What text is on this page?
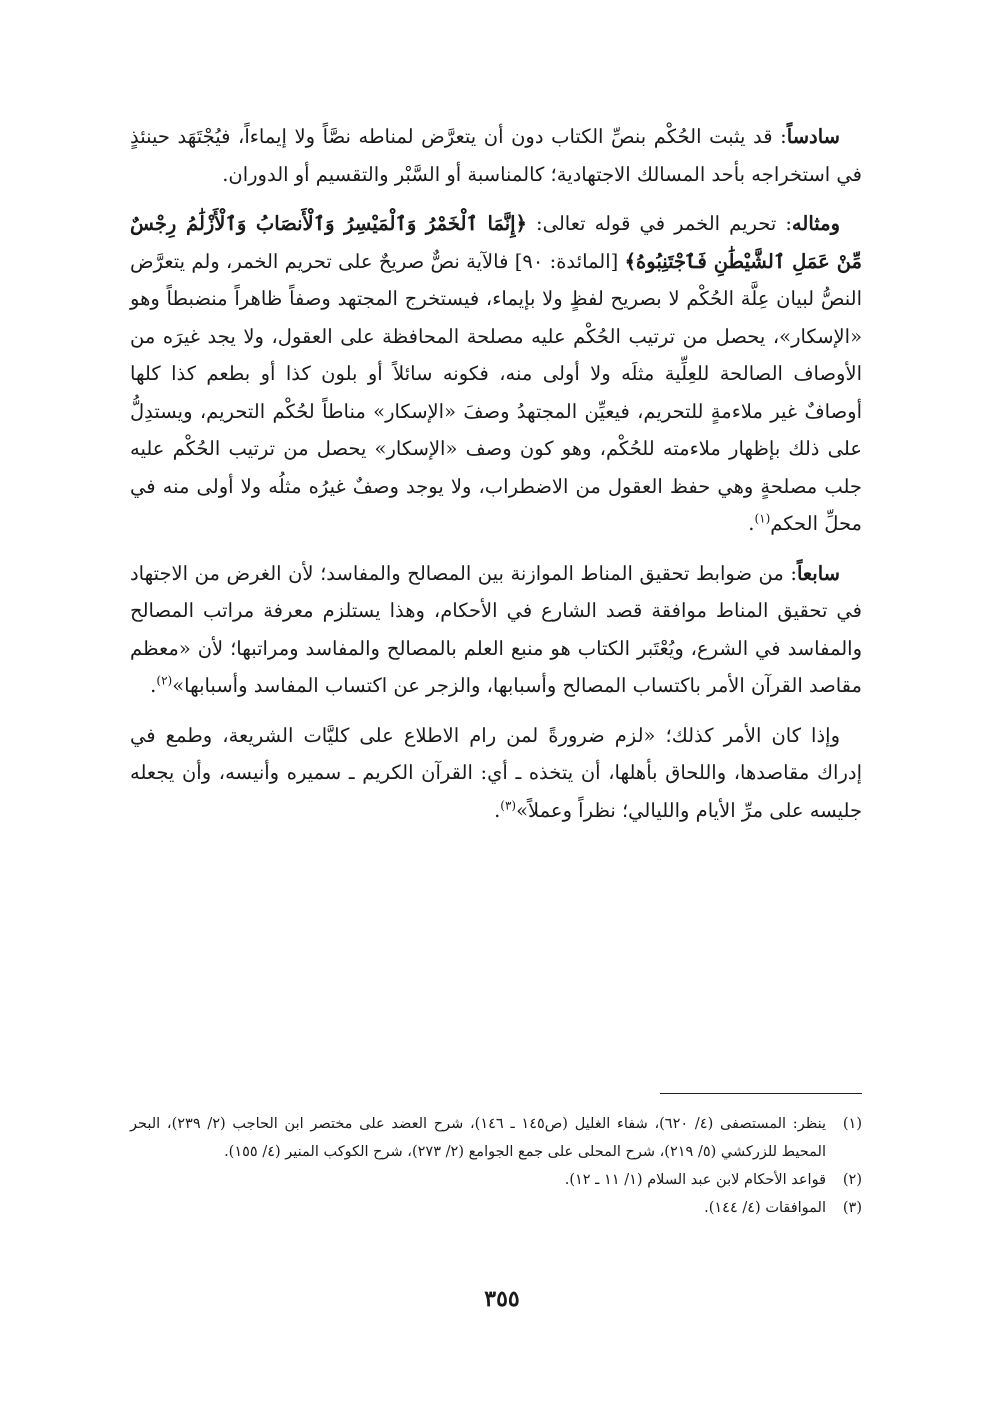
سادساً: قد يثبت الحُكْم بنصِّ الكتاب دون أن يتعرَّض لمناطه نصَّاً ولا إيماءاً، فيُجْتَهَد حينئذٍ في استخراجه بأحد المسالك الاجتهادية؛ كالمناسبة أو السَّبْر والتقسيم أو الدوران.

ومثاله: تحريم الخمر في قوله تعالى: ﴿إِنَّمَا ٱلْخَمْرُ وَٱلْمَيْسِرُ وَٱلْأَنصَابُ وَٱلْأَزْلَٰمُ رِجْسٌ مِّنْ عَمَلِ ٱلشَّيْطَٰنِ فَٱجْتَنِبُوهُ﴾ [المائدة: ٩٠] فالآية نصٌّ صريحٌ على تحريم الخمر، ولم يتعرَّض النصُّ لبيان عِلَّة الحُكْم لا بصريح لفظٍ ولا بإيماء، فيستخرج المجتهد وصفاً ظاهراً منضبطاً وهو «الإسكار»، يحصل من ترتيب الحُكْم عليه مصلحة المحافظة على العقول، ولا يجد غيرَه من الأوصاف الصالحة للعِلِّية مثلَه ولا أولى منه، فكونه سائلاً أو بلون كذا أو بطعم كذا كلها أوصافٌ غير ملاءمةٍ للتحريم، فيعيِّن المجتهدُ وصفَ «الإسكار» مناطاً لحُكْم التحريم، ويستدِلُّ على ذلك بإظهار ملاءمته للحُكْم، وهو كون وصف «الإسكار» يحصل من ترتيب الحُكْم عليه جلب مصلحةٍ وهي حفظ العقول من الاضطراب، ولا يوجد وصفٌ غيرُه مثلُه ولا أولى منه في محلِّ الحكم$^{(١)}$.

سابعاً: من ضوابط تحقيق المناط الموازنة بين المصالح والمفاسد؛ لأن الغرض من الاجتهاد في تحقيق المناط موافقة قصد الشارع في الأحكام، وهذا يستلزم معرفة مراتب المصالح والمفاسد في الشرع، ويُعْتَبر الكتاب هو منبع العلم بالمصالح والمفاسد ومراتبها؛ لأن «معظم مقاصد القرآن الأمر باكتساب المصالح وأسبابها، والزجر عن اكتساب المفاسد وأسبابها»$^{(٢)}$.

وإذا كان الأمر كذلك؛ «لزم ضرورةً لمن رام الاطلاع على كليَّات الشريعة، وطمع في إدراك مقاصدها، واللحاق بأهلها، أن يتخذه ـ أي: القرآن الكريم ـ سميره وأنيسه، وأن يجعله جليسه على مرِّ الأيام والليالي؛ نظراً وعملاً»$^{(٣)}$.

(١)
ينظر: المستصفى (٤/ ٦٢٠)، شفاء الغليل (ص١٤٥ ـ ١٤٦)، شرح العضد على مختصر ابن الحاجب (٢/ ٢٣٩)، البحر المحيط للزركشي (٥/ ٢١٩)، شرح المحلى على جمع الجوامع (٢/ ٢٧٣)، شرح الكوكب المنير (٤/ ١٥٥).
(٢)
قواعد الأحكام لابن عبد السلام (١/ ١١ ـ ١٢).
(٣)
الموافقات (٤/ ١٤٤).
٣٥٥
